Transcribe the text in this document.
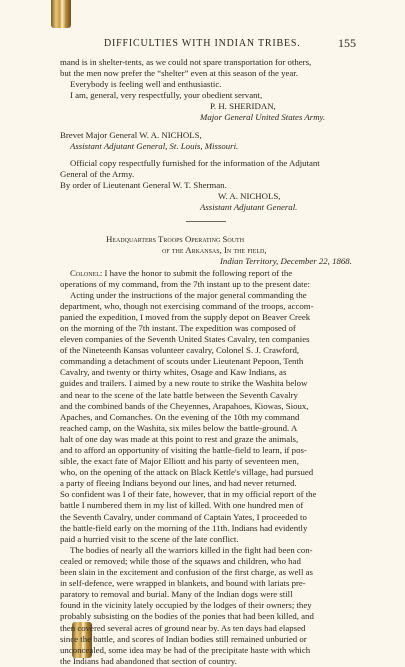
DIFFICULTIES WITH INDIAN TRIBES.	155
mand is in shelter-tents, as we could not spare transportation for others,
but the men now prefer the “shelter” even at this season of the year.
Everybody is feeling well and enthusiastic.
I am, general, very respectfully, your obedient servant,
P. H. SHERIDAN,
Major General United States Army.
Brevet Major General W. A. NICHOLS,
Assistant Adjutant General, St. Louis, Missouri.
Official copy respectfully furnished for the information of the Adjutant
General of the Army.
By order of Lieutenant General W. T. Sherman.
W. A. NICHOLS,
Assistant Adjutant General.
Headquarters Troops Operating South
of the Arkansas, In the field,
Indian Territory, December 22, 1868.
Colonel: I have the honor to submit the following report of the
operations of my command, from the 7th instant up to the present date:
Acting under the instructions of the major general commanding the
department, who, though not exercising command of the troops, accom-
panied the expedition, I moved from the supply depot on Beaver Creek
on the morning of the 7th instant. The expedition was composed of
eleven companies of the Seventh United States Cavalry, ten companies
of the Nineteenth Kansas volunteer cavalry, Colonel S. J. Crawford,
commanding a detachment of scouts under Lieutenant Pepoon, Tenth
Cavalry, and twenty or thirty whites, Osage and Kaw Indians, as
guides and trailers. I aimed by a new route to strike the Washita below
and near to the scene of the late battle between the Seventh Cavalry
and the combined bands of the Cheyennes, Arapahoes, Kiowas, Sioux,
Apaches, and Comanches. On the evening of the 10th my command
reached camp, on the Washita, six miles below the battle-ground. A
halt of one day was made at this point to rest and graze the animals,
and to afford an opportunity of visiting the battle-field to learn, if pos-
sible, the exact fate of Major Elliott and his party of seventeen men,
who, on the opening of the attack on Black Kettle's village, had pursued
a party of fleeing Indians beyond our lines, and had never returned.
So confident was I of their fate, however, that in my official report of the
battle I numbered them in my list of killed. With one hundred men of
the Seventh Cavalry, under command of Captain Yates, I proceeded to
the battle-field early on the morning of the 11th. Indians had evidently
paid a hurried visit to the scene of the late conflict.
The bodies of nearly all the warriors killed in the fight had been con-
cealed or removed; while those of the squaws and children, who had
been slain in the excitement and confusion of the first charge, as well as
in self-defence, were wrapped in blankets, and bound with lariats pre-
paratory to removal and burial. Many of the Indian dogs were still
found in the vicinity lately occupied by the lodges of their owners; they
probably subsisting on the bodies of the ponies that had been killed, and
then covered several acres of ground near by. As ten days had elapsed
since the battle, and scores of Indian bodies still remained unburied or
unconcealed, some idea may be had of the precipitate haste with which
the Indians had abandoned that section of country.
